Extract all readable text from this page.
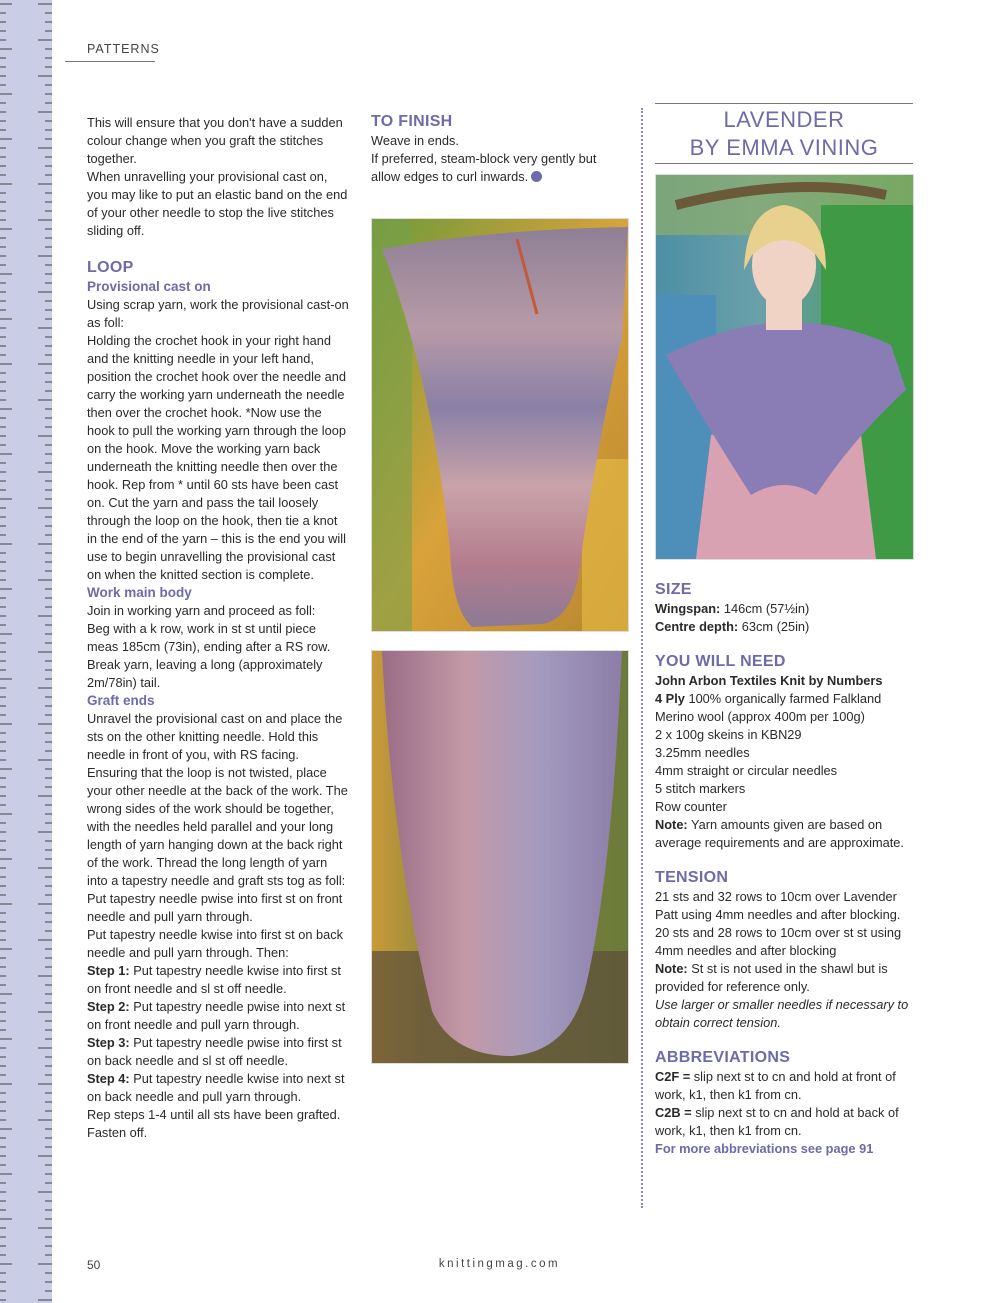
PATTERNS

This will ensure that you don't have a sudden colour change when you graft the stitches together.

When unravelling your provisional cast on, you may like to put an elastic band on the end of your other needle to stop the live stitches sliding off.

LOOP
Provisional cast on

Using scrap yarn, work the provisional cast-on as foll:

Holding the crochet hook in your right hand and the knitting needle in your left hand, position the crochet hook over the needle and carry the working yarn underneath the needle then over the crochet hook. *Now use the hook to pull the working yarn through the loop on the hook. Move the working yarn back underneath the knitting needle then over the hook. Rep from * until 60 sts have been cast on. Cut the yarn and pass the tail loosely through the loop on the hook, then tie a knot in the end of the yarn – this is the end you will use to begin unravelling the provisional cast on when the knitted section is complete.

Work main body

Join in working yarn and proceed as foll:

Beg with a k row, work in st st until piece meas 185cm (73in), ending after a RS row. Break yarn, leaving a long (approximately 2m/78in) tail.

Graft ends

Unravel the provisional cast on and place the sts on the other knitting needle. Hold this needle in front of you, with RS facing. Ensuring that the loop is not twisted, place your other needle at the back of the work. The wrong sides of the work should be together, with the needles held parallel and your long length of yarn hanging down at the back right of the work. Thread the long length of yarn into a tapestry needle and graft sts tog as foll:

Put tapestry needle pwise into first st on front needle and pull yarn through.

Put tapestry needle kwise into first st on back needle and pull yarn through. Then:

Step 1: Put tapestry needle kwise into first st on front needle and sl st off needle.

Step 2: Put tapestry needle pwise into next st on front needle and pull yarn through.

Step 3: Put tapestry needle pwise into first st on back needle and sl st off needle.

Step 4: Put tapestry needle kwise into next st on back needle and pull yarn through.

Rep steps 1-4 until all sts have been grafted.

Fasten off.

TO FINISH

Weave in ends.

If preferred, steam-block very gently but allow edges to curl inwards.

LAVENDER
BY EMMA VINING
SIZE

Wingspan: 146cm (57½in)

Centre depth: 63cm (25in)

YOU WILL NEED

John Arbon Textiles Knit by Numbers

4 Ply 100% organically farmed Falkland Merino wool (approx 400m per 100g)

2 x 100g skeins in KBN29

3.25mm needles

4mm straight or circular needles

5 stitch markers

Row counter

Note: Yarn amounts given are based on average requirements and are approximate.

TENSION

21 sts and 32 rows to 10cm over Lavender Patt using 4mm needles and after blocking.

20 sts and 28 rows to 10cm over st st using 4mm needles and after blocking

Note: St st is not used in the shawl but is provided for reference only.

Use larger or smaller needles if necessary to obtain correct tension.

ABBREVIATIONS

C2F = slip next st to cn and hold at front of work, k1, then k1 from cn.

C2B = slip next st to cn and hold at back of work, k1, then k1 from cn.

For more abbreviations see page 91

50	knittingmag.com
